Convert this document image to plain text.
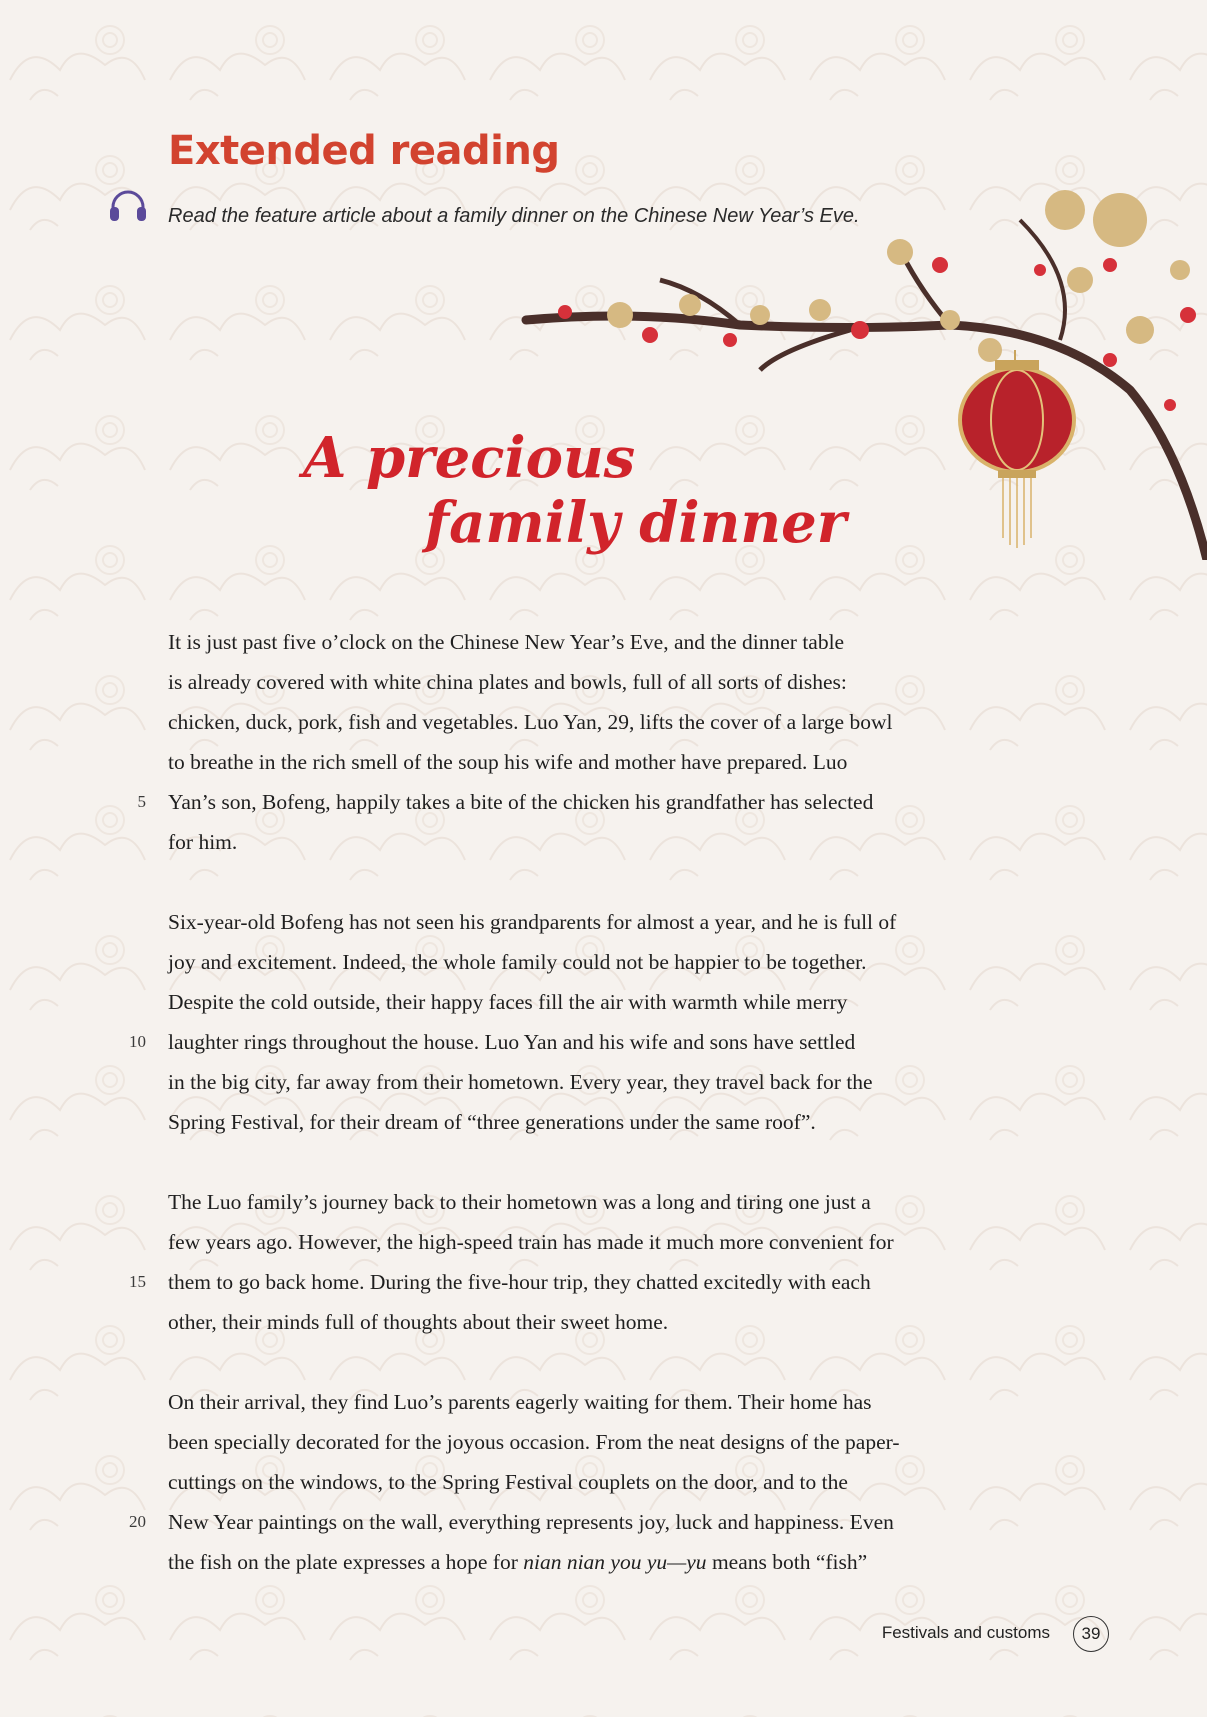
Extended reading

Read the feature article about a family dinner on the Chinese New Year’s Eve.

A precious
family dinner
It is just past five o’clock on the Chinese New Year’s Eve, and the dinner table
is already covered with white china plates and bowls, full of all sorts of dishes:
chicken, duck, pork, fish and vegetables. Luo Yan, 29, lifts the cover of a large bowl
to breathe in the rich smell of the soup his wife and mother have prepared. Luo
5 Yan’s son, Bofeng, happily takes a bite of the chicken his grandfather has selected
for him.
Six-year-old Bofeng has not seen his grandparents for almost a year, and he is full of
joy and excitement. Indeed, the whole family could not be happier to be together.
Despite the cold outside, their happy faces fill the air with warmth while merry
10 laughter rings throughout the house. Luo Yan and his wife and sons have settled
in the big city, far away from their hometown. Every year, they travel back for the
Spring Festival, for their dream of “three generations under the same roof”.
The Luo family’s journey back to their hometown was a long and tiring one just a
few years ago. However, the high-speed train has made it much more convenient for
15 them to go back home. During the five-hour trip, they chatted excitedly with each
other, their minds full of thoughts about their sweet home.
On their arrival, they find Luo’s parents eagerly waiting for them. Their home has
been specially decorated for the joyous occasion. From the neat designs of the paper-
cuttings on the windows, to the Spring Festival couplets on the door, and to the
20 New Year paintings on the wall, everything represents joy, luck and happiness. Even
the fish on the plate expresses a hope for nian nian you yu—yu means both “fish”
Festivals and customs	39
